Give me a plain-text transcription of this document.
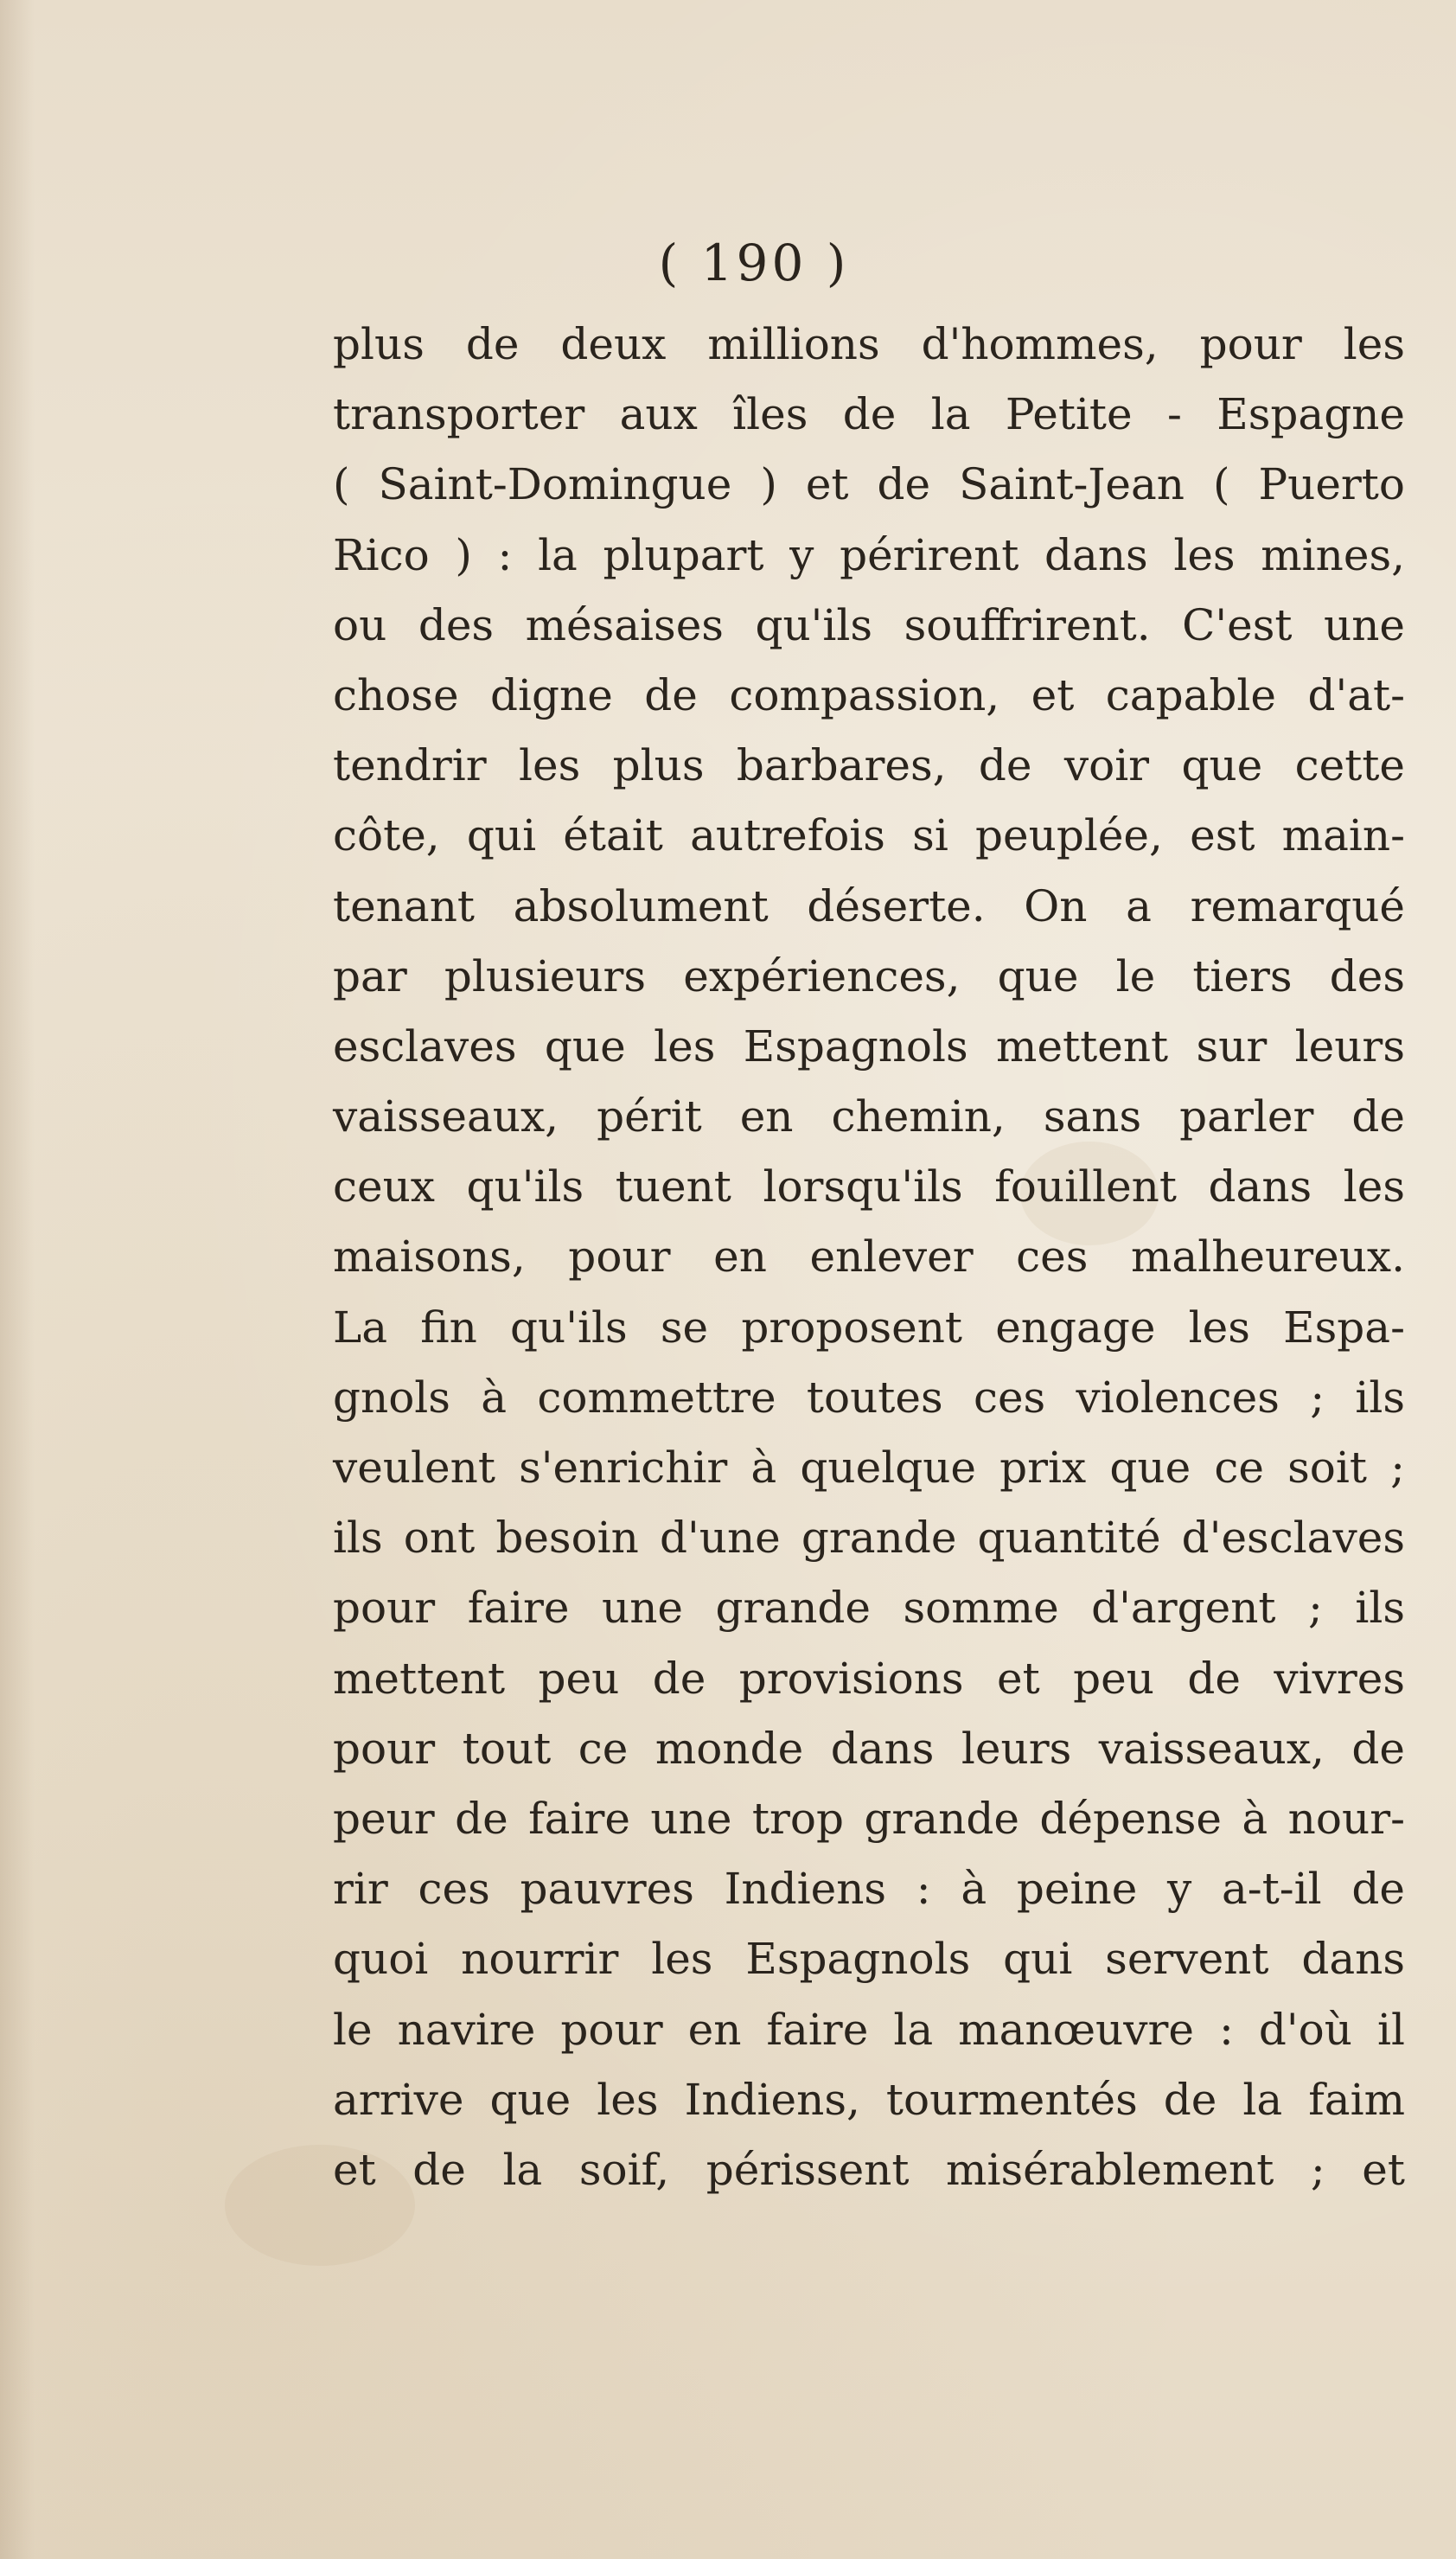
( 190 )
plus de deux millions d'hommes, pour les
transporter aux îles de la Petite - Espagne
( Saint-Domingue ) et de Saint-Jean ( Puerto
Rico ) : la plupart y périrent dans les mines,
ou des mésaises qu'ils souffrirent. C'est une
chose digne de compassion, et capable d'at-
tendrir les plus barbares, de voir que cette
côte, qui était autrefois si peuplée, est main-
tenant absolument déserte. On a remarqué
par plusieurs expériences, que le tiers des
esclaves que les Espagnols mettent sur leurs
vaisseaux, périt en chemin, sans parler de
ceux qu'ils tuent lorsqu'ils fouillent dans les
maisons, pour en enlever ces malheureux.
La fin qu'ils se proposent engage les Espa-
gnols à commettre toutes ces violences ; ils
veulent s'enrichir à quelque prix que ce soit ;
ils ont besoin d'une grande quantité d'esclaves
pour faire une grande somme d'argent ; ils
mettent peu de provisions et peu de vivres
pour tout ce monde dans leurs vaisseaux, de
peur de faire une trop grande dépense à nour-
rir ces pauvres Indiens : à peine y a-t-il de
quoi nourrir les Espagnols qui servent dans
le navire pour en faire la manœuvre : d'où il
arrive que les Indiens, tourmentés de la faim
et de la soif, périssent misérablement ; et
